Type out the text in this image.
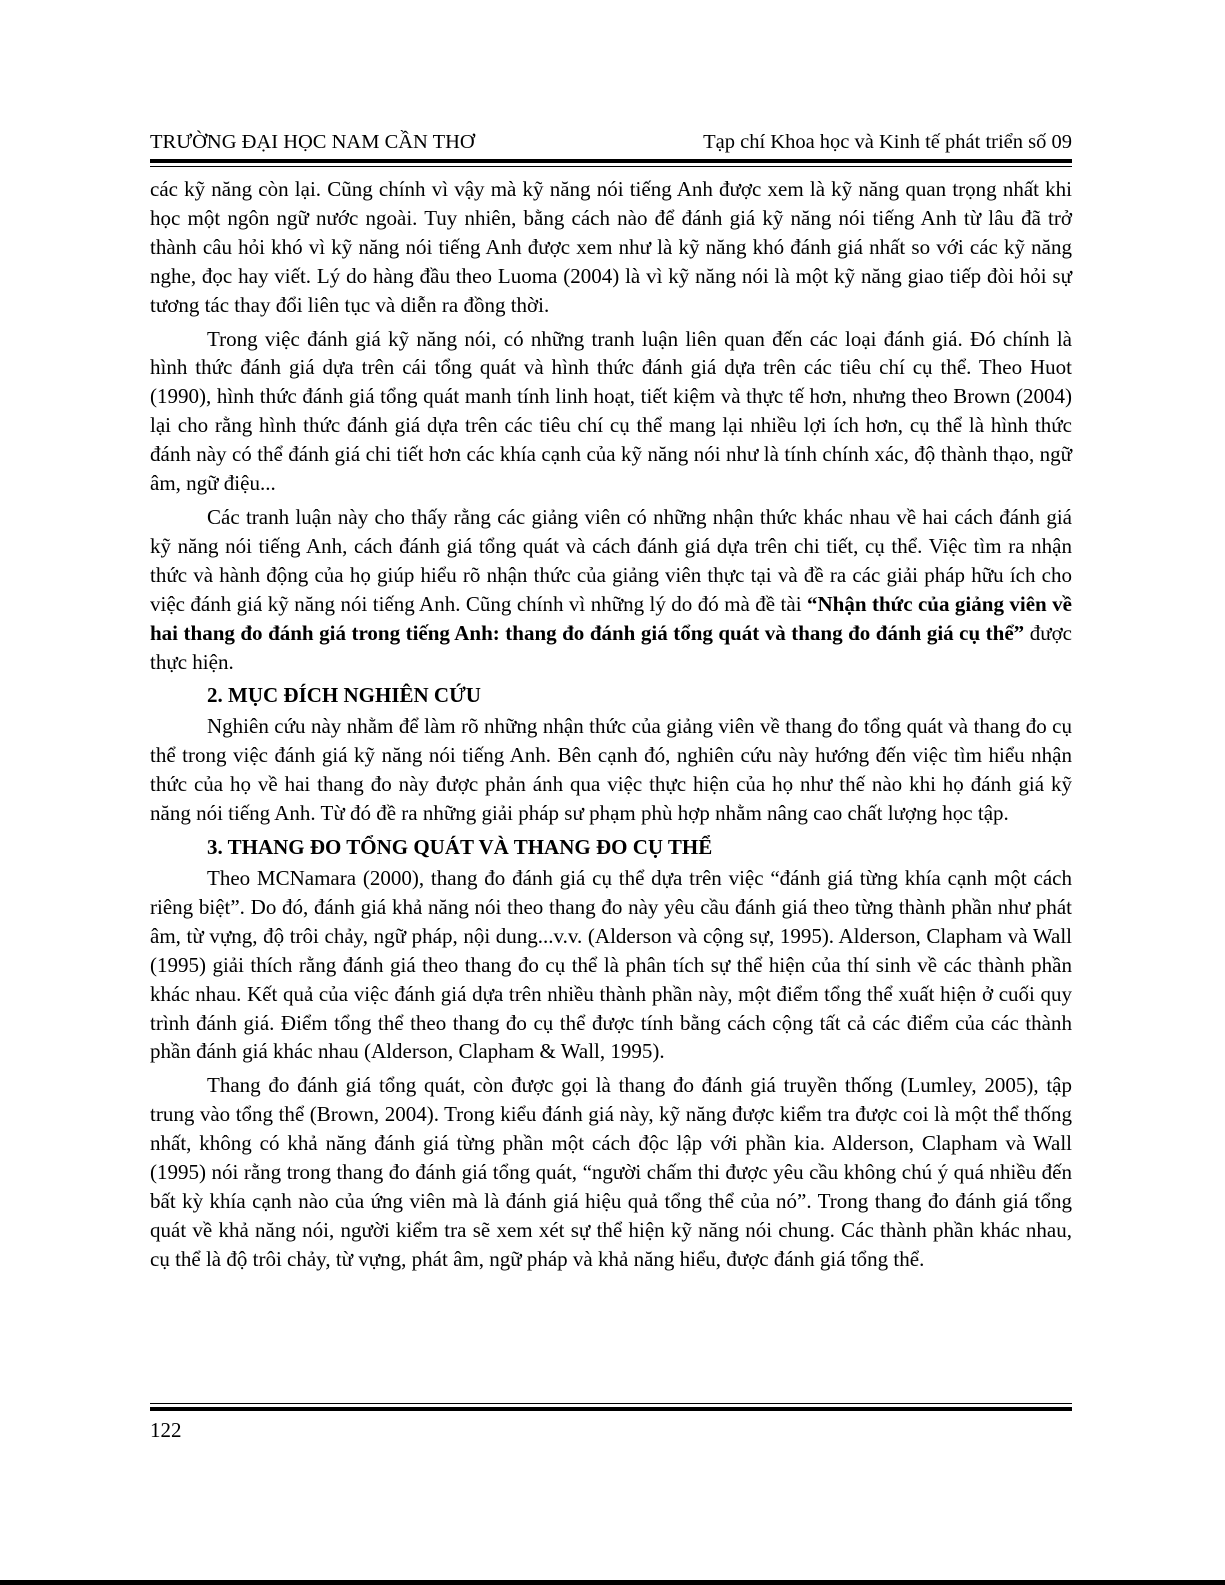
TRƯỜNG ĐẠI HỌC NAM CẦN THƠ	Tạp chí Khoa học và Kinh tế phát triển số 09

các kỹ năng còn lại. Cũng chính vì vậy mà kỹ năng nói tiếng Anh được xem là kỹ năng quan trọng nhất khi học một ngôn ngữ nước ngoài. Tuy nhiên, bằng cách nào để đánh giá kỹ năng nói tiếng Anh từ lâu đã trở thành câu hỏi khó vì kỹ năng nói tiếng Anh được xem như là kỹ năng khó đánh giá nhất so với các kỹ năng nghe, đọc hay viết. Lý do hàng đầu theo Luoma (2004) là vì kỹ năng nói là một kỹ năng giao tiếp đòi hỏi sự tương tác thay đổi liên tục và diễn ra đồng thời.

Trong việc đánh giá kỹ năng nói, có những tranh luận liên quan đến các loại đánh giá. Đó chính là hình thức đánh giá dựa trên cái tổng quát và hình thức đánh giá dựa trên các tiêu chí cụ thể. Theo Huot (1990), hình thức đánh giá tổng quát manh tính linh hoạt, tiết kiệm và thực tế hơn, nhưng theo Brown (2004) lại cho rằng hình thức đánh giá dựa trên các tiêu chí cụ thể mang lại nhiều lợi ích hơn, cụ thể là hình thức đánh này có thể đánh giá chi tiết hơn các khía cạnh của kỹ năng nói như là tính chính xác, độ thành thạo, ngữ âm, ngữ điệu...

Các tranh luận này cho thấy rằng các giảng viên có những nhận thức khác nhau về hai cách đánh giá kỹ năng nói tiếng Anh, cách đánh giá tổng quát và cách đánh giá dựa trên chi tiết, cụ thể. Việc tìm ra nhận thức và hành động của họ giúp hiểu rõ nhận thức của giảng viên thực tại và đề ra các giải pháp hữu ích cho việc đánh giá kỹ năng nói tiếng Anh. Cũng chính vì những lý do đó mà đề tài “Nhận thức của giảng viên về hai thang đo đánh giá trong tiếng Anh: thang đo đánh giá tổng quát và thang đo đánh giá cụ thể” được thực hiện.

2. MỤC ĐÍCH NGHIÊN CỨU

Nghiên cứu này nhằm để làm rõ những nhận thức của giảng viên về thang đo tổng quát và thang đo cụ thể trong việc đánh giá kỹ năng nói tiếng Anh. Bên cạnh đó, nghiên cứu này hướng đến việc tìm hiểu nhận thức của họ về hai thang đo này được phản ánh qua việc thực hiện của họ như thế nào khi họ đánh giá kỹ năng nói tiếng Anh. Từ đó đề ra những giải pháp sư phạm phù hợp nhằm nâng cao chất lượng học tập.

3. THANG ĐO TỔNG QUÁT VÀ THANG ĐO CỤ THỂ

Theo MCNamara (2000), thang đo đánh giá cụ thể dựa trên việc “đánh giá từng khía cạnh một cách riêng biệt”. Do đó, đánh giá khả năng nói theo thang đo này yêu cầu đánh giá theo từng thành phần như phát âm, từ vựng, độ trôi chảy, ngữ pháp, nội dung...v.v. (Alderson và cộng sự, 1995). Alderson, Clapham và Wall (1995) giải thích rằng đánh giá theo thang đo cụ thể là phân tích sự thể hiện của thí sinh về các thành phần khác nhau. Kết quả của việc đánh giá dựa trên nhiều thành phần này, một điểm tổng thể xuất hiện ở cuối quy trình đánh giá. Điểm tổng thể theo thang đo cụ thể được tính bằng cách cộng tất cả các điểm của các thành phần đánh giá khác nhau (Alderson, Clapham & Wall, 1995).

Thang đo đánh giá tổng quát, còn được gọi là thang đo đánh giá truyền thống (Lumley, 2005), tập trung vào tổng thể (Brown, 2004). Trong kiểu đánh giá này, kỹ năng được kiểm tra được coi là một thể thống nhất, không có khả năng đánh giá từng phần một cách độc lập với phần kia. Alderson, Clapham và Wall (1995) nói rằng trong thang đo đánh giá tổng quát, “người chấm thi được yêu cầu không chú ý quá nhiều đến bất kỳ khía cạnh nào của ứng viên mà là đánh giá hiệu quả tổng thể của nó”. Trong thang đo đánh giá tổng quát về khả năng nói, người kiểm tra sẽ xem xét sự thể hiện kỹ năng nói chung. Các thành phần khác nhau, cụ thể là độ trôi chảy, từ vựng, phát âm, ngữ pháp và khả năng hiểu, được đánh giá tổng thể.

122
